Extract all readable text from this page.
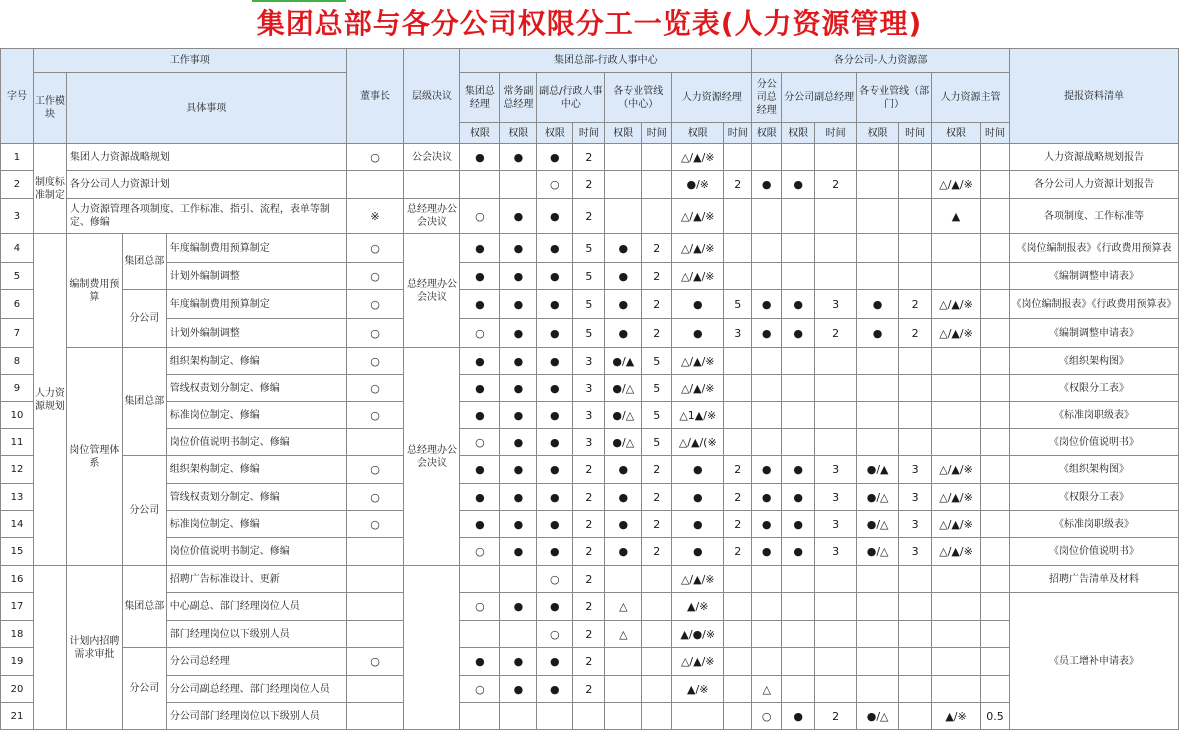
集团总部与各分公司权限分工一览表(人力资源管理)
字号	工作事项				董事长	层级决议	集团总部-行政人事中心								各分公司-人力资源部							提报资料清单
	工作模块	具体事项					集团总经理	常务副总经理	副总/行政人事中心		各专业管线（中心）		人力资源经理		分公司总经理	分公司副总经理		各专业管线（部门）		人力资源主管		

							权限	权限	权限	时间	权限	时间	权限	时间	权限	权限	时间	权限	时间	权限	时间	
1	制度标准制定	集团人力资源战略规划			○	公会决议	●	●	●	2			△/▲/※									人力资源战略规划报告
2		各分公司人力资源计划							○	2			●/※	2	●	●	2			△/▲/※		各分公司人力资源计划报告
3		人力资源管理各项制度、工作标准、指引、流程，表单等制定、修编			※	总经理办公会决议	○	●	●	2			△/▲/※							▲		各项制度、工作标准等
4	人力资源规划	编制费用预算	集团总部	年度编制费用预算制定	○	总经理办公会决议	●	●	●	5	●	2	△/▲/※									《岗位编制报表》《行政费用预算表
5				计划外编制调整	○		●	●	●	5	●	2	△/▲/※									《编制调整申请表》
6			分公司	年度编制费用预算制定	○		●	●	●	5	●	2	●	5	●	●	3	●	2	△/▲/※		《岗位编制报表》《行政费用预算表》
7				计划外编制调整	○		○	●	●	5	●	2	●	3	●	●	2	●	2	△/▲/※		《编制调整申请表》
8		岗位管理体系	集团总部	组织架构制定、修编	○	总经理办公会决议	●	●	●	3	●/▲	5	△/▲/※									《组织架构图》
9				管线权责划分制定、修编	○		●	●	●	3	●/△	5	△/▲/※									《权限分工表》
10				标准岗位制定、修编	○		●	●	●	3	●/△	5	△1▲/※									《标准岗职级表》
11				岗位价值说明书制定、修编			○	●	●	3	●/△	5	△/▲/(※									《岗位价值说明书》
12			分公司	组织架构制定、修编	○		●	●	●	2	●	2	●	2	●	●	3	●/▲	3	△/▲/※		《组织架构图》
13				管线权责划分制定、修编	○		●	●	●	2	●	2	●	2	●	●	3	●/△	3	△/▲/※		《权限分工表》
14				标准岗位制定、修编	○		●	●	●	2	●	2	●	2	●	●	3	●/△	3	△/▲/※		《标准岗职级表》
15				岗位价值说明书制定、修编			○	●	●	2	●	2	●	2	●	●	3	●/△	3	△/▲/※		《岗位价值说明书》
16		计划内招聘需求审批	集团总部	招聘广告标准设计、更新					○	2			△/▲/※									招聘广告清单及材料
17				中心副总、部门经理岗位人员			○	●	●	2	△		▲/※									《员工增补申请表》
18				部门经理岗位以下级别人员					○	2	△		▲/●/※									
19			分公司	分公司总经理	○		●	●	●	2			△/▲/※									
20				分公司副总经理、部门经理岗位人员			○	●	●	2			▲/※		△							
21				分公司部门经理岗位以下级别人员											○	●	2	●/△		▲/※	0.5	
